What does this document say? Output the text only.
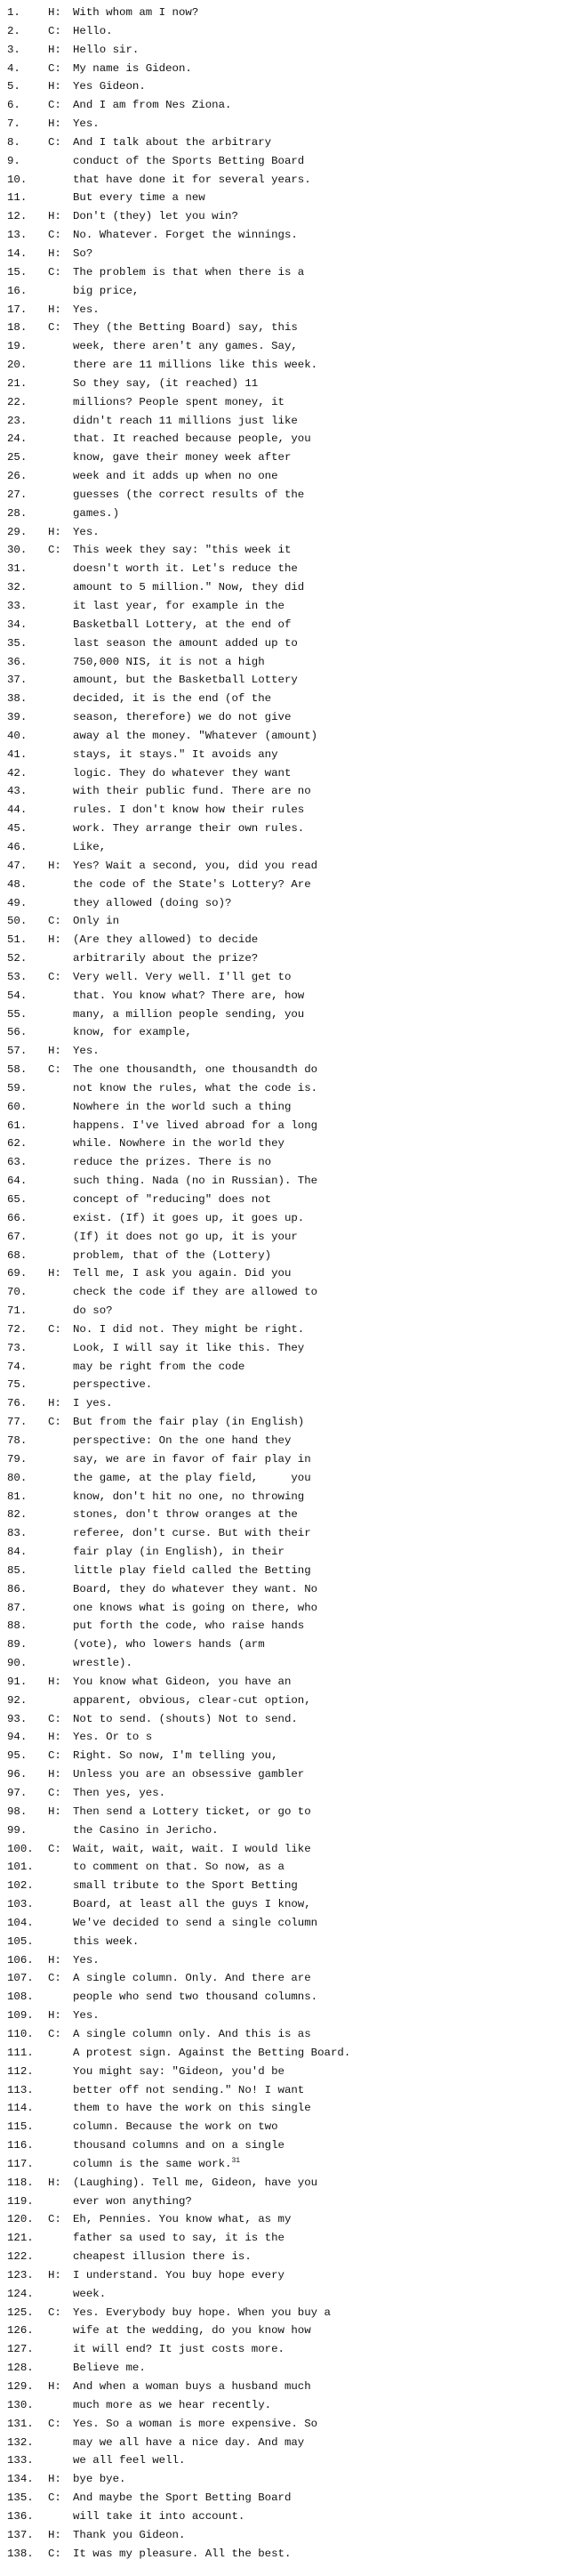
1.	H: With whom am I now?
2.	C: Hello.
3.	H: Hello sir.
4.	C: My name is Gideon.
5.	H: Yes Gideon.
6.	C: And I am from Nes Ziona.
7.	H: Yes.
8.	C: And I talk about the arbitrary
9.	conduct of the Sports Betting Board
10.	that have done it for several years.
11.	But every time a new
12. H: Don't (they) let you win?
13. C: No. Whatever. Forget the winnings.
14. H: So?
15. C: The problem is that when there is a
16.	big price,
17. H: Yes.
18. C: They (the Betting Board) say, this
19.	week, there aren't any games. Say,
20.	there are 11 millions like this week.
21.	So they say, (it reached) 11
22.	millions? People spent money, it
23.	didn't reach 11 millions just like
24.	that. It reached because people, you
25.	know, gave their money week after
26.	week and it adds up when no one
27.	guesses (the correct results of the
28.	games.)
29. H: Yes.
30. C: This week they say: "this week it
31.	doesn't worth it. Let's reduce the
32.	amount to 5 million." Now, they did
33.	it last year, for example in the
34.	Basketball Lottery, at the end of
35.	last season the amount added up to
36.	750,000 NIS, it is not a high
37.	amount, but the Basketball Lottery
38.	decided, it is the end (of the
39.	season, therefore) we do not give
40.	away al the money. "Whatever (amount)
41.	stays, it stays." It avoids any
42.	logic. They do whatever they want
43.	with their public fund. There are no
44.	rules. I don't know how their rules
45.	work. They arrange their own rules.
46.	Like,
47. H: Yes? Wait a second, you, did you read
48.	the code of the State's Lottery? Are
49.	they allowed (doing so)?
50. C: Only in
51. H: (Are they allowed) to decide
52.	arbitrarily about the prize?
53. C: Very well. Very well. I'll get to
54.	that. You know what? There are, how
55.	many, a million people sending, you
56.	know, for example,
57. H: Yes.
58. C: The one thousandth, one thousandth do
59.	not know the rules, what the code is.
60.	Nowhere in the world such a thing
61.	happens. I've lived abroad for a long
62.	while. Nowhere in the world they
63.	reduce the prizes. There is no
64.	such thing. Nada (no in Russian). The
65.	concept of "reducing" does not
66.	exist. (If) it goes up, it goes up.
67.	(If) it does not go up, it is your
68.	problem, that of the (Lottery)
69. H: Tell me, I ask you again. Did you
70.	check the code if they are allowed to
71.	do so?
72. C: No. I did not. They might be right.
73.	Look, I will say it like this. They
74.	may be right from the code
75.	perspective.
76. H: I yes.
77. C: But from the fair play (in English)
78.	perspective: On the one hand they
79.	say, we are in favor of fair play in
80.	the game, at the play field,     you
81.	know, don't hit no one, no throwing
82.	stones, don't throw oranges at the
83.	referee, don't curse. But with their
84.	fair play (in English), in their
85.	little play field called the Betting
86.	Board, they do whatever they want. No
87.	one knows what is going on there, who
88.	put forth the code, who raise hands
89.	(vote), who lowers hands (arm
90.	wrestle).
91. H: You know what Gideon, you have an
92.	apparent, obvious, clear-cut option,
93. C: Not to send. (shouts) Not to send.
94. H: Yes. Or to s
95. C: Right. So now, I'm telling you,
96. H: Unless you are an obsessive gambler
97. C: Then yes, yes.
98. H: Then send a Lottery ticket, or go to
99.	the Casino in Jericho.
100. C: Wait, wait, wait, wait. I would like
101.	to comment on that. So now, as a
102.	small tribute to the Sport Betting
103.	Board, at least all the guys I know,
104.	We've decided to send a single column
105.	this week.
106. H: Yes.
107. C: A single column. Only. And there are
108.	people who send two thousand columns.
109. H: Yes.
110. C: A single column only. And this is as
111.	A protest sign. Against the Betting Board.
112.	You might say: "Gideon, you'd be
113.	better off not sending." No! I want
114.	them to have the work on this single
115.	column. Because the work on two
116.	thousand columns and on a single
117.	column is the same work.$^{31}$
118. H: (Laughing). Tell me, Gideon, have you
119.	ever won anything?
120. C: Eh, Pennies. You know what, as my
121.	father sa used to say, it is the
122.	cheapest illusion there is.
123. H: I understand. You buy hope every
124.	week.
125. C: Yes. Everybody buy hope. When you buy a
126.	wife at the wedding, do you know how
127.	it will end? It just costs more.
128.	Believe me.
129. H: And when a woman buys a husband much
130.	much more as we hear recently.
131. C: Yes. So a woman is more expensive. So
132.	may we all have a nice day. And may
133.	we all feel well.
134. H: bye bye.
135. C: And maybe the Sport Betting Board
136.	will take it into account.
137. H: Thank you Gideon.
138. C: It was my pleasure. All the best.
